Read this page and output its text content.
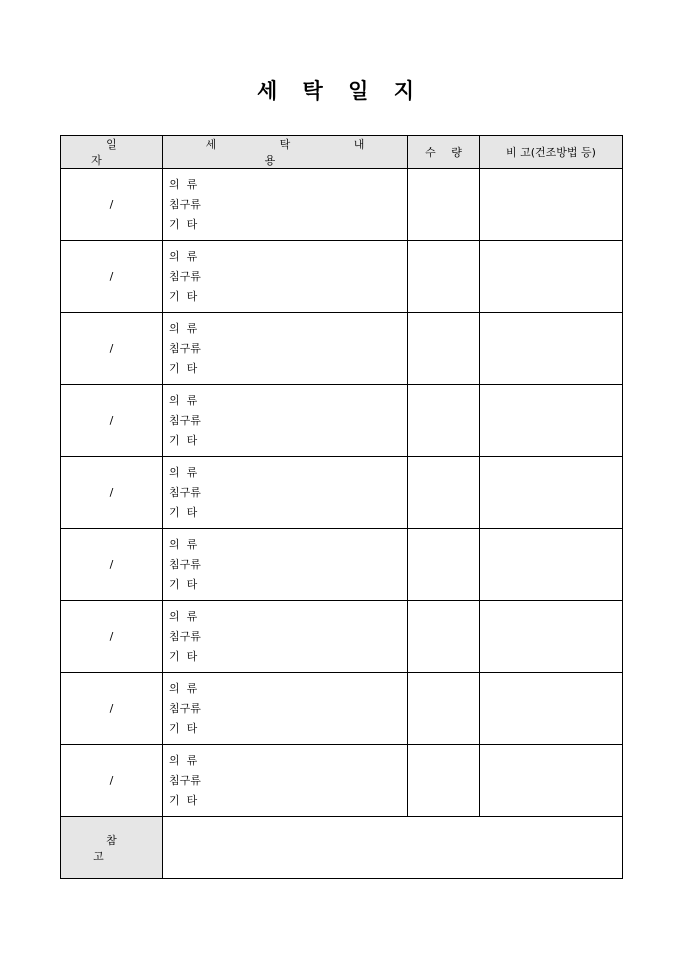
세 탁 일 지
일 자	세 탁 내 용	수 량	비 고(건조방법 등)
/	의  류
침구류
기  타		

/	의  류
침구류
기  타		

/	의  류
침구류
기  타		

/	의  류
침구류
기  타		

/	의  류
침구류
기  타		

/	의  류
침구류
기  타		

/	의  류
침구류
기  타		

/	의  류
침구류
기  타		

/	의  류
침구류
기  타		

참 고			
